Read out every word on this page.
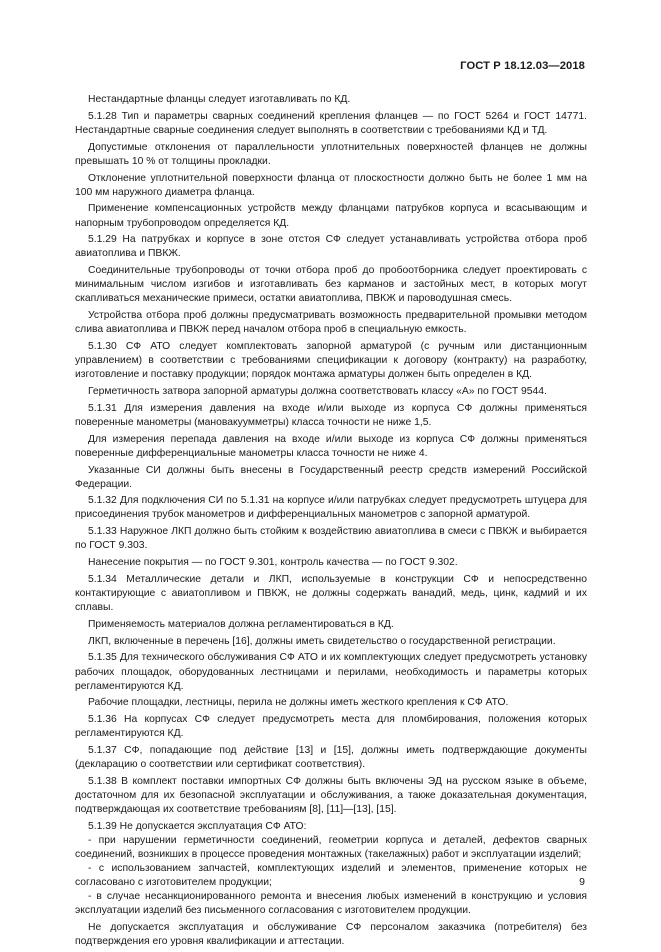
ГОСТ Р 18.12.03—2018

Нестандартные фланцы следует изготавливать по КД.

5.1.28 Тип и параметры сварных соединений крепления фланцев — по ГОСТ 5264 и ГОСТ 14771. Нестандартные сварные соединения следует выполнять в соответствии с требованиями КД и ТД.

Допустимые отклонения от параллельности уплотнительных поверхностей фланцев не должны превышать 10 % от толщины прокладки.

Отклонение уплотнительной поверхности фланца от плоскостности должно быть не более 1 мм на 100 мм наружного диаметра фланца.

Применение компенсационных устройств между фланцами патрубков корпуса и всасывающим и напорным трубопроводом определяется КД.

5.1.29 На патрубках и корпусе в зоне отстоя СФ следует устанавливать устройства отбора проб авиатоплива и ПВКЖ.

Соединительные трубопроводы от точки отбора проб до пробоотборника следует проектировать с минимальным числом изгибов и изготавливать без карманов и застойных мест, в которых могут скапливаться механические примеси, остатки авиатоплива, ПВКЖ и пароводушная смесь.

Устройства отбора проб должны предусматривать возможность предварительной промывки методом слива авиатоплива и ПВКЖ перед началом отбора проб в специальную емкость.

5.1.30 СФ АТО следует комплектовать запорной арматурой (с ручным или дистанционным управлением) в соответствии с требованиями спецификации к договору (контракту) на разработку, изготовление и поставку продукции; порядок монтажа арматуры должен быть определен в КД.

Герметичность затвора запорной арматуры должна соответствовать классу «А» по ГОСТ 9544.

5.1.31 Для измерения давления на входе и/или выходе из корпуса СФ должны применяться поверенные манометры (мановакуумметры) класса точности не ниже 1,5.

Для измерения перепада давления на входе и/или выходе из корпуса СФ должны применяться поверенные дифференциальные манометры класса точности не ниже 4.

Указанные СИ должны быть внесены в Государственный реестр средств измерений Российской Федерации.

5.1.32 Для подключения СИ по 5.1.31 на корпусе и/или патрубках следует предусмотреть штуцера для присоединения трубок манометров и дифференциальных манометров с запорной арматурой.

5.1.33 Наружное ЛКП должно быть стойким к воздействию авиатоплива в смеси с ПВКЖ и выбирается по ГОСТ 9.303.

Нанесение покрытия — по ГОСТ 9.301, контроль качества — по ГОСТ 9.302.

5.1.34 Металлические детали и ЛКП, используемые в конструкции СФ и непосредственно контактирующие с авиатопливом и ПВКЖ, не должны содержать ванадий, медь, цинк, кадмий и их сплавы.

Применяемость материалов должна регламентироваться в КД.

ЛКП, включенные в перечень [16], должны иметь свидетельство о государственной регистрации.

5.1.35 Для технического обслуживания СФ АТО и их комплектующих следует предусмотреть установку рабочих площадок, оборудованных лестницами и перилами, необходимость и параметры которых регламентируются КД.

Рабочие площадки, лестницы, перила не должны иметь жесткого крепления к СФ АТО.

5.1.36 На корпусах СФ следует предусмотреть места для пломбирования, положения которых регламентируются КД.

5.1.37 СФ, попадающие под действие [13] и [15], должны иметь подтверждающие документы (декларацию о соответствии или сертификат соответствия).

5.1.38 В комплект поставки импортных СФ должны быть включены ЭД на русском языке в объеме, достаточном для их безопасной эксплуатации и обслуживания, а также доказательная документация, подтверждающая их соответствие требованиям [8], [11]—[13], [15].

5.1.39 Не допускается эксплуатация СФ АТО:

- при нарушении герметичности соединений, геометрии корпуса и деталей, дефектов сварных соединений, возникших в процессе проведения монтажных (такелажных) работ и эксплуатации изделий;

- с использованием запчастей, комплектующих изделий и элементов, применение которых не согласовано с изготовителем продукции;

- в случае несанкционированного ремонта и внесения любых изменений в конструкцию и условия эксплуатации изделий без письменного согласования с изготовителем продукции.

Не допускается эксплуатация и обслуживание СФ персоналом заказчика (потребителя) без подтверждения его уровня квалификации и аттестации.

9
